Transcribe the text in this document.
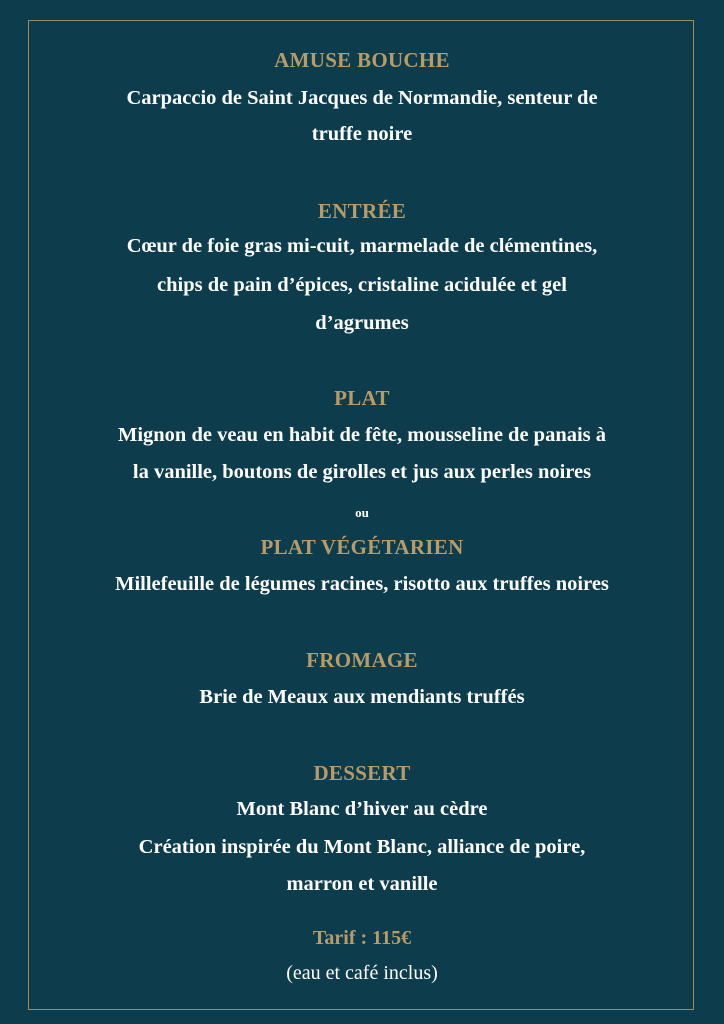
AMUSE BOUCHE
Carpaccio de Saint Jacques de Normandie, senteur de
truffe noire
ENTRÉE
Cœur de foie gras mi-cuit, marmelade de clémentines,
chips de pain d’épices, cristaline acidulée et gel
d’agrumes
PLAT
Mignon de veau en habit de fête, mousseline de panais à
la vanille, boutons de girolles et jus aux perles noires
ou
PLAT VÉGÉTARIEN
Millefeuille de légumes racines, risotto aux truffes noires
FROMAGE
Brie de Meaux aux mendiants truffés
DESSERT
Mont Blanc d’hiver au cèdre
Création inspirée du Mont Blanc, alliance de poire,
marron et vanille
Tarif : 115€
(eau et café inclus)
